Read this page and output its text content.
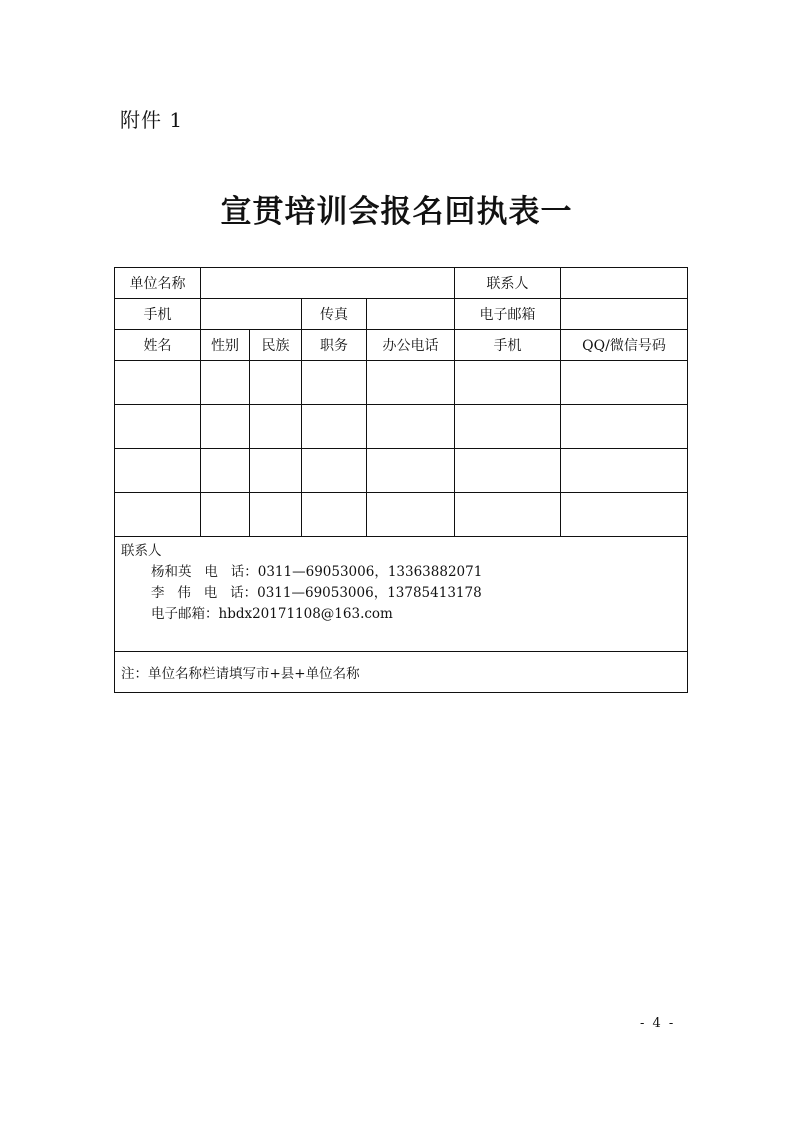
附件 1
宣贯培训会报名回执表一
单位名称					联系人	
手机			传真		电子邮箱	
姓名	性别	民族	职务	办公电话	手机	QQ/微信号码

联系人
杨和英   电   话：0311—69053006，13363882071
李   伟   电   话：0311—69053006，13785413178
电子邮箱：hbdx20171108@163.com						

注：单位名称栏请填写市+县+单位名称						
- 4 -
